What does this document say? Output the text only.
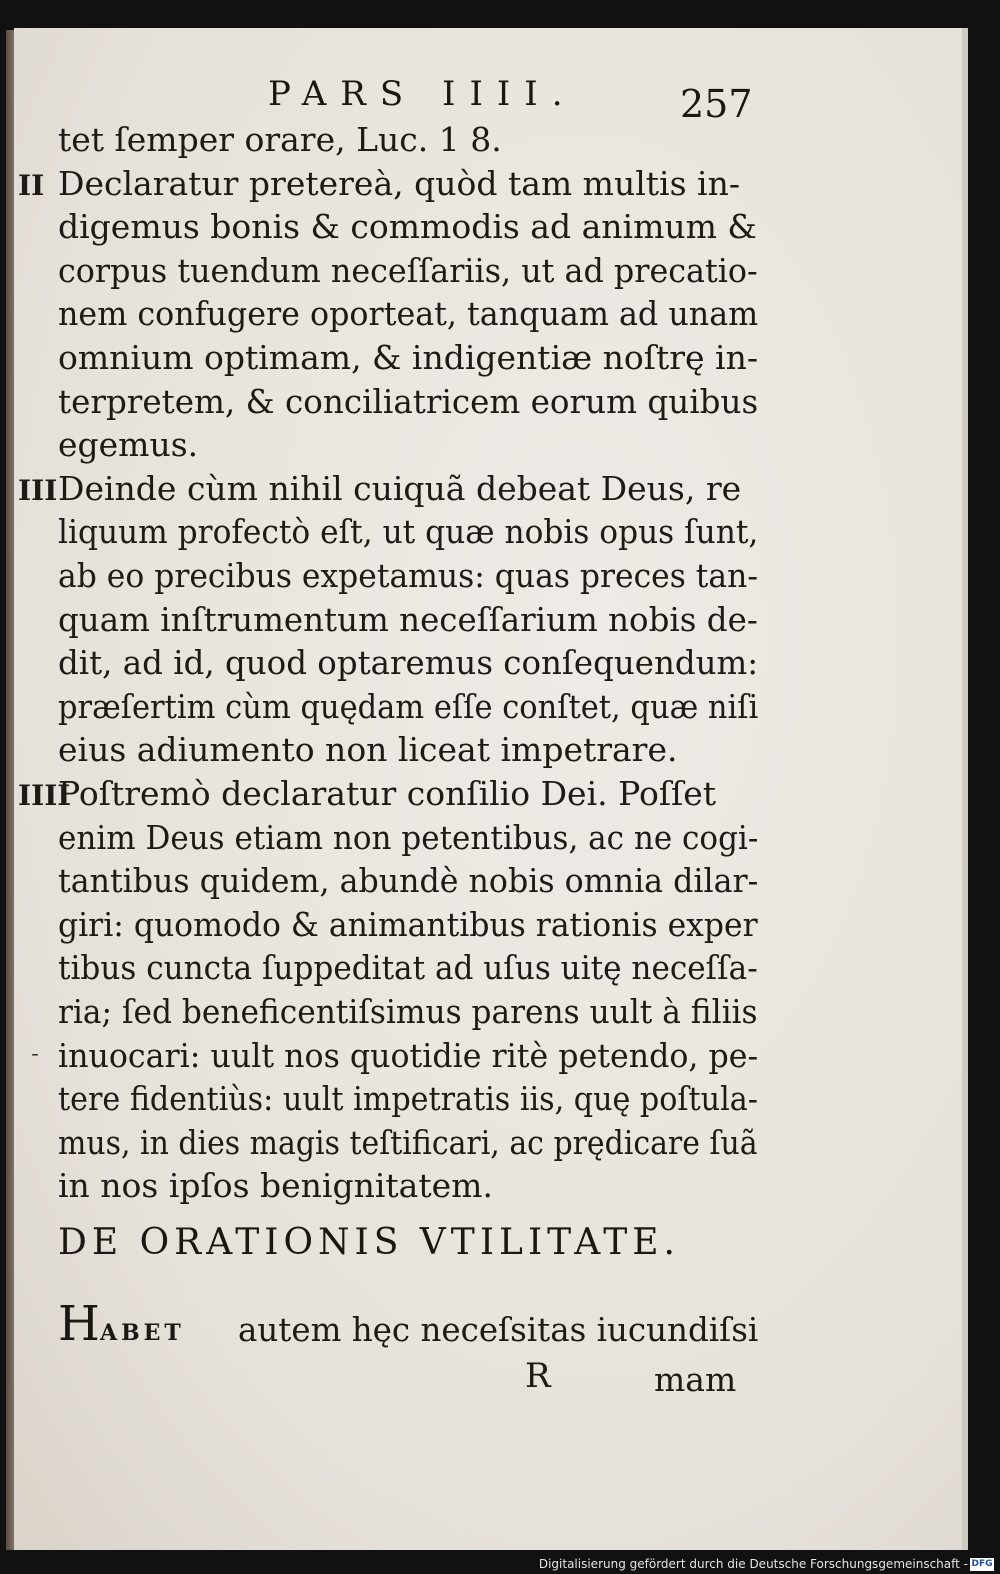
PARS IIII.	257
tet ſemper orare, Luc. 1 8.
Declaratur pretereà, quòd tam multis in-
II
digemus bonis & commodis ad animum &
corpus tuendum neceſſariis, ut ad precatio-
nem confugere oporteat, tanquam ad unam
omnium optimam, & indigentiæ noſtrę in-
terpretem, & conciliatricem eorum quibus
egemus.
Deinde cùm nihil cuiquã debeat Deus, re
III
liquum profectò eſt, ut quæ nobis opus ſunt,
ab eo precibus expetamus: quas preces tan-
quam inſtrumentum neceſſarium nobis de-
dit, ad id, quod optaremus conſequendum:
præſertim cùm quędam eſſe conſtet, quæ niſi
eius adiumento non liceat impetrare.
Poſtremò declaratur conſilio Dei. Poſſet
IIII
enim Deus etiam non petentibus, ac ne cogi-
tantibus quidem, abundè nobis omnia dilar-
giri: quomodo & animantibus rationis exper
tibus cuncta ſuppeditat ad uſus uitę neceſſa-
ria; ſed beneficentiſsimus parens uult à filiis
inuocari: uult nos quotidie ritè petendo, pe-
tere fidentiùs: uult impetratis iis, quę poſtula-
mus, in dies magis teſtificari, ac prędicare ſuã
in nos ipſos benignitatem.
ˉ
DE ORATIONIS VTILITATE.
H ABET autem hęc neceſsitas iucundiſsi
R	mam
Digitalisierung gefördert durch die Deutsche Forschungsgemeinschaft - DFG
